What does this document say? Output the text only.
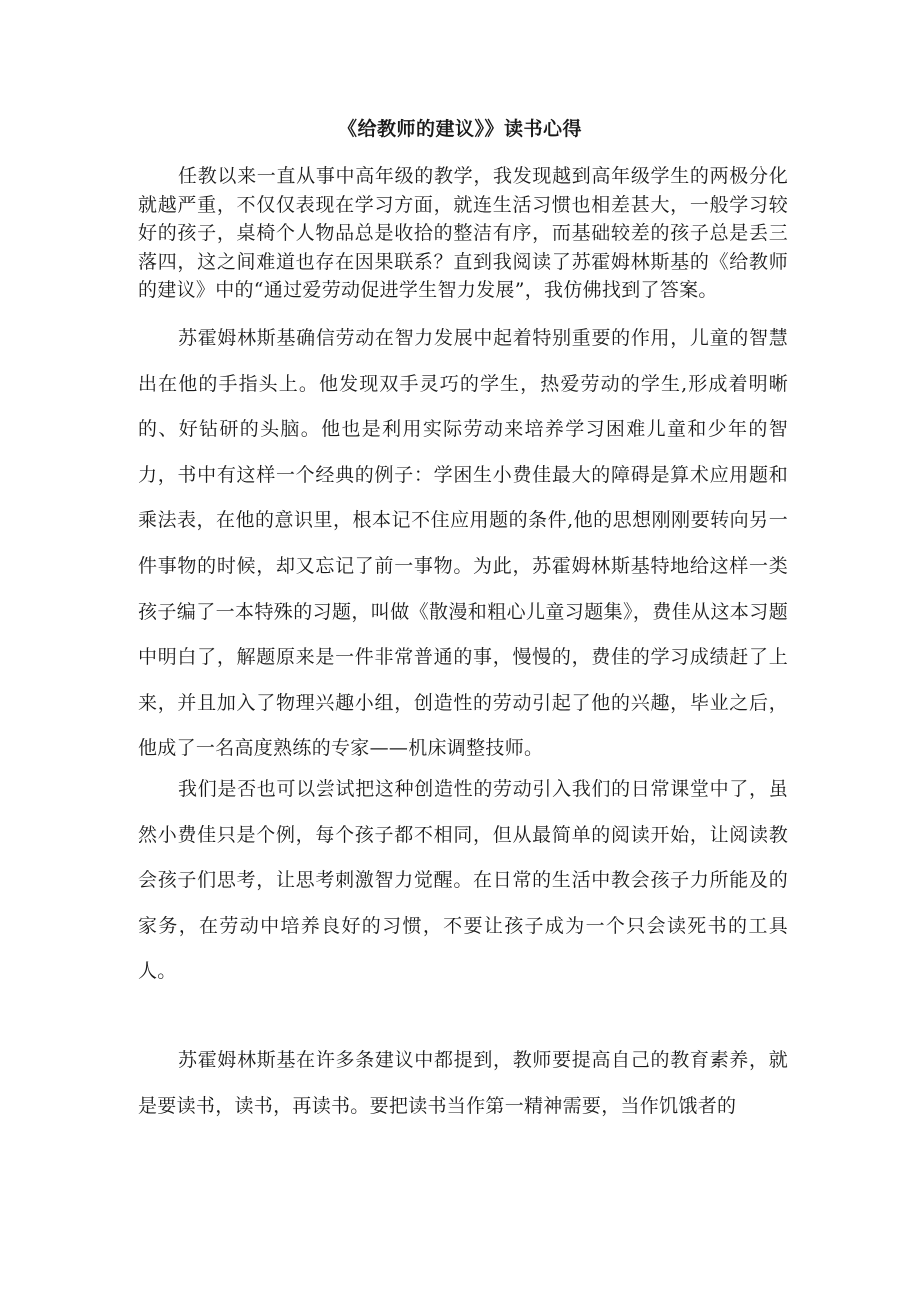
《给教师的建议》》读书心得

任教以来一直从事中高年级的教学，我发现越到高年级学生的两极分化就越严重，不仅仅表现在学习方面，就连生活习惯也相差甚大，一般学习较好的孩子，桌椅个人物品总是收拾的整洁有序，而基础较差的孩子总是丢三落四，这之间难道也存在因果联系？直到我阅读了苏霍姆林斯基的《给教师的建议》中的“通过爱劳动促进学生智力发展”，我仿佛找到了答案。

苏霍姆林斯基确信劳动在智力发展中起着特别重要的作用，儿童的智慧出在他的手指头上。他发现双手灵巧的学生，热爱劳动的学生,形成着明晰的、好钻研的头脑。他也是利用实际劳动来培养学习困难儿童和少年的智力，书中有这样一个经典的例子：学困生小费佳最大的障碍是算术应用题和乘法表，在他的意识里，根本记不住应用题的条件,他的思想刚刚要转向另一件事物的时候，却又忘记了前一事物。为此，苏霍姆林斯基特地给这样一类孩子编了一本特殊的习题，叫做《散漫和粗心儿童习题集》，费佳从这本习题中明白了，解题原来是一件非常普通的事，慢慢的，费佳的学习成绩赶了上来，并且加入了物理兴趣小组，创造性的劳动引起了他的兴趣，毕业之后，他成了一名高度熟练的专家——机床调整技师。

我们是否也可以尝试把这种创造性的劳动引入我们的日常课堂中了，虽然小费佳只是个例，每个孩子都不相同，但从最简单的阅读开始，让阅读教会孩子们思考，让思考刺激智力觉醒。在日常的生活中教会孩子力所能及的家务，在劳动中培养良好的习惯，不要让孩子成为一个只会读死书的工具人。

苏霍姆林斯基在许多条建议中都提到，教师要提高自己的教育素养，就是要读书，读书，再读书。要把读书当作第一精神需要，当作饥饿者的
